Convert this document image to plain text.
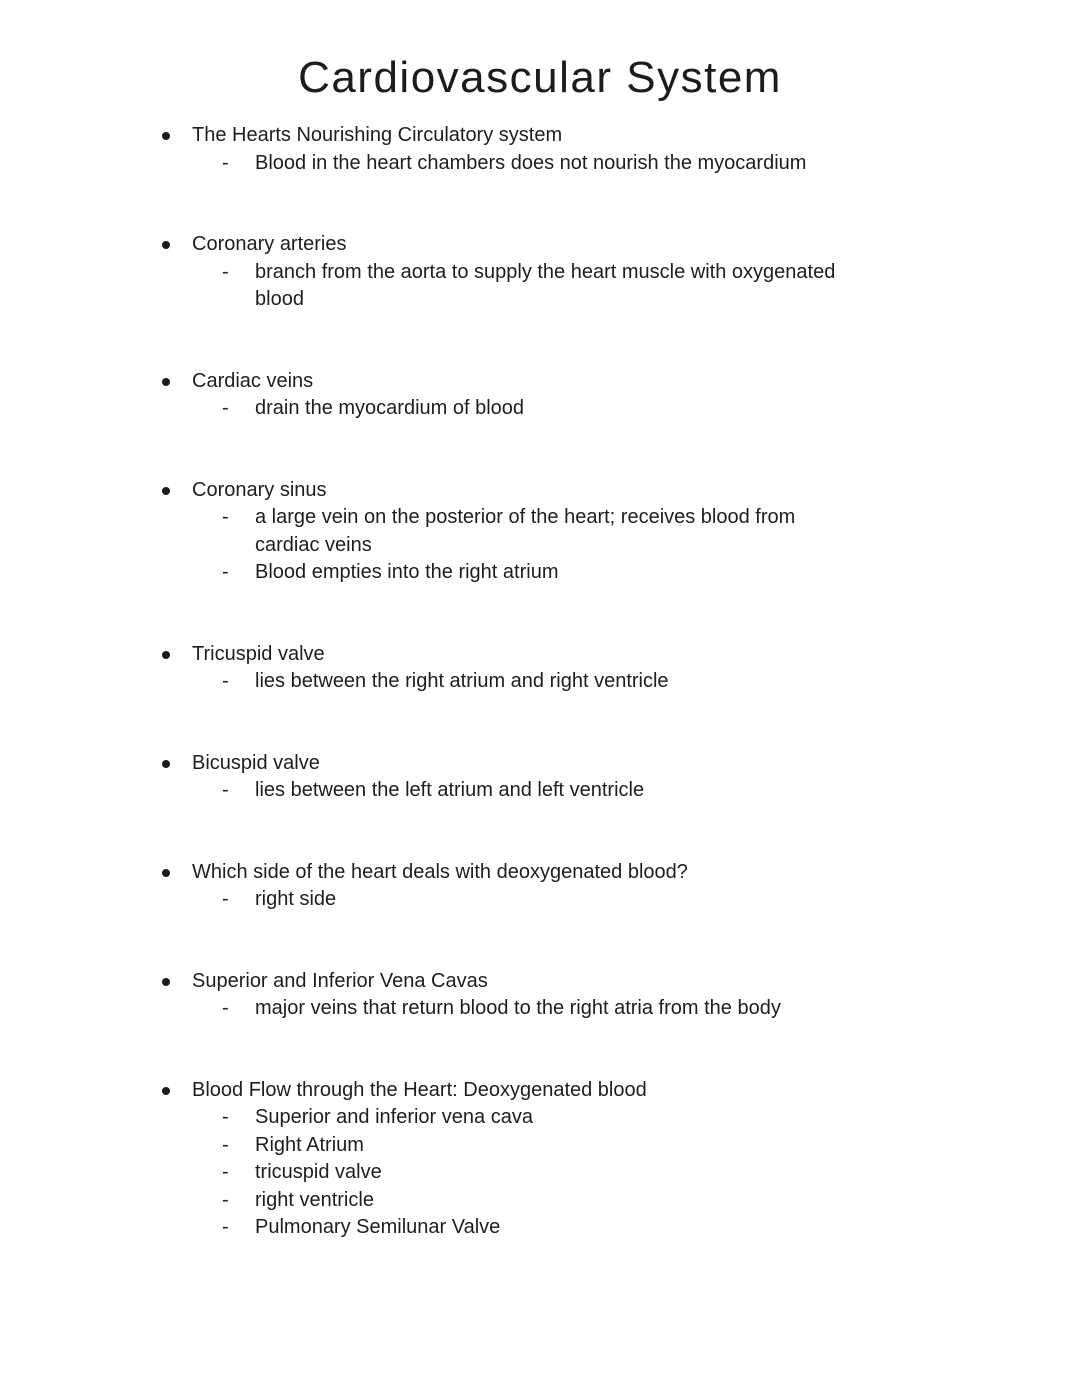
Cardiovascular System
The Hearts Nourishing Circulatory system
- Blood in the heart chambers does not nourish the myocardium
Coronary arteries
- branch from the aorta to supply the heart muscle with oxygenated blood
Cardiac veins
- drain the myocardium of blood
Coronary sinus
- a large vein on the posterior of the heart; receives blood from cardiac veins
- Blood empties into the right atrium
Tricuspid valve
- lies between the right atrium and right ventricle
Bicuspid valve
- lies between the left atrium and left ventricle
Which side of the heart deals with deoxygenated blood?
- right side
Superior and Inferior Vena Cavas
- major veins that return blood to the right atria from the body
Blood Flow through the Heart: Deoxygenated blood
- Superior and inferior vena cava
- Right Atrium
- tricuspid valve
- right ventricle
- Pulmonary Semilunar Valve
